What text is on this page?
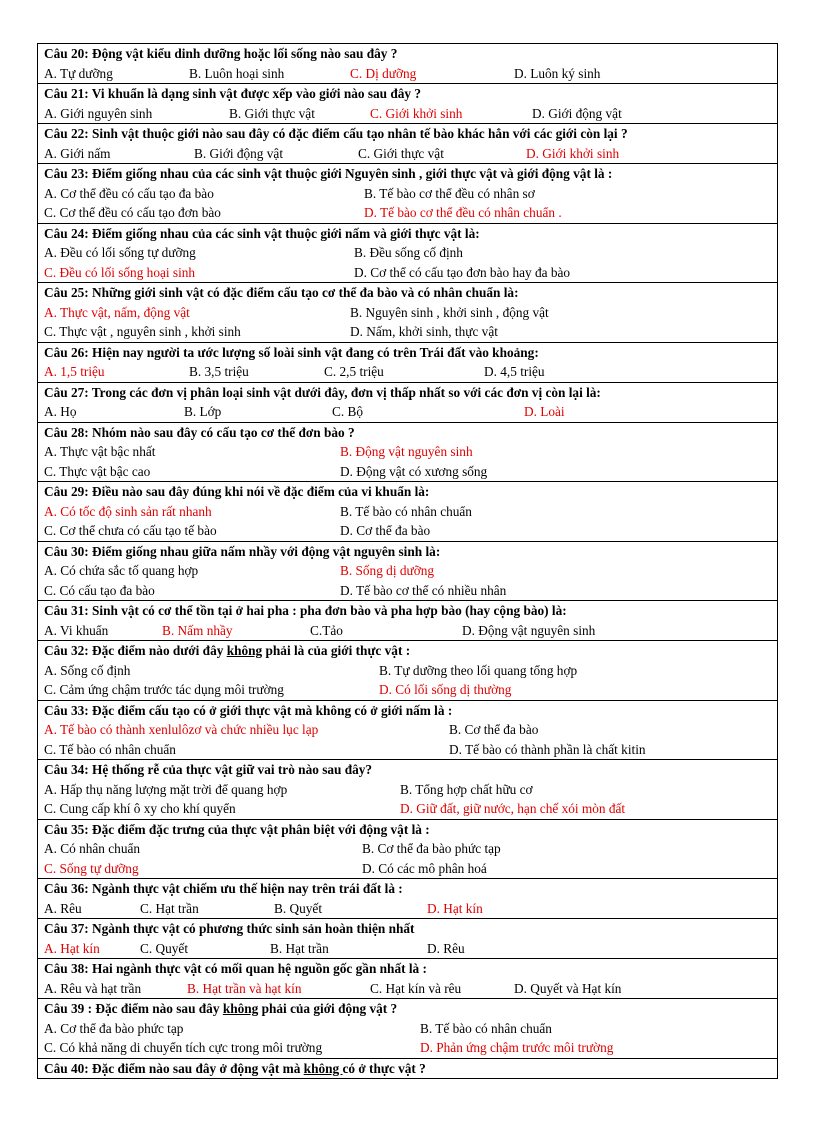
Câu 20: Động vật kiểu dinh dưỡng hoặc lối sống nào sau đây ?
A. Tự dưỡng	B. Luôn hoại sinh	C. Dị dưỡng	D. Luôn ký sinh
Câu 21: Vi khuẩn là dạng sinh vật được xếp vào giới nào sau đây ?
A. Giới nguyên sinh	B. Giới thực vật	C. Giới khởi sinh	D. Giới động vật
Câu 22: Sinh vật thuộc giới nào sau đây có đặc điểm cấu tạo nhân tế bào khác hẳn với các giới còn lại ?
A. Giới nấm	B. Giới động vật	C. Giới thực vật	D. Giới khởi sinh
Câu 23: Điểm giống nhau của các sinh vật thuộc giới Nguyên sinh , giới thực vật và giới động vật là :
A. Cơ thể đều có cấu tạo đa bào	B. Tế bào cơ thể đều có nhân sơ
C. Cơ thể đều có cấu tạo đơn bào	D. Tế bào cơ thể đều có nhân chuẩn .
Câu 24: Điểm giống nhau của các sinh vật thuộc giới nấm và giới thực vật là:
A. Đều có lối sống tự dưỡng	B. Đều sống cố định
C. Đều có lối sống hoại sinh	D. Cơ thể có cấu tạo đơn bào hay đa bào
Câu 25: Những giới sinh vật có đặc điểm cấu tạo cơ thể đa bào và có nhân chuẩn là:
A. Thực vật, nấm, động vật	B. Nguyên sinh , khởi sinh , động vật
C. Thực vật , nguyên sinh , khởi sinh	D. Nấm, khởi sinh, thực vật
Câu 26: Hiện nay người ta ước lượng số loài sinh vật đang có trên Trái đất vào khoảng:
A. 1,5 triệu	B. 3,5 triệu	C. 2,5 triệu	D. 4,5 triệu
Câu 27: Trong các đơn vị phân loại sinh vật dưới đây, đơn vị thấp nhất so với các đơn vị còn lại là:
A. Họ	B. Lớp	C. Bộ	D. Loài
Câu 28: Nhóm nào sau đây có cấu tạo cơ thể đơn bào ?
A. Thực vật bậc nhất	B. Động vật nguyên sinh
C. Thực vật bậc cao	D. Động vật có xương sống
Câu 29: Điều nào sau đây đúng khi nói về đặc điểm của vi khuẩn là:
A. Có tốc độ sinh sản rất nhanh	B. Tế bào có nhân chuẩn
C. Cơ thể chưa có cấu tạo tế bào	D. Cơ thể đa bào
Câu 30: Điểm giống nhau giữa nấm nhầy với động vật nguyên sinh là:
A. Có chứa sắc tố quang hợp	B. Sống dị dưỡng
C. Có cấu tạo đa bào	D. Tế bào cơ thể có nhiều nhân
Câu 31: Sinh vật có cơ thể tồn tại ở hai pha : pha đơn bào và pha hợp bào (hay cộng bào) là:
A. Vi khuẩn	B. Nấm nhầy	C.Tảo	D. Động vật nguyên sinh
Câu 32: Đặc điểm nào dưới đây không phải là của giới thực vật :
A. Sống cố định	B. Tự dưỡng theo lối quang tổng hợp
C. Cảm ứng chậm trước tác dụng môi trường	D. Có lối sống dị thường
Câu 33: Đặc điểm cấu tạo có ở giới thực vật mà không có ở giới nấm là :
A. Tế bào có thành xenlulôzơ và chức nhiều lục lạp	B. Cơ thể đa bào
C. Tế bào có nhân chuẩn	D. Tế bào có thành phần là chất kitin
Câu 34: Hệ thống rễ của thực vật giữ vai trò nào sau đây?
A. Hấp thụ năng lượng mặt trời để quang hợp	B. Tổng hợp chất hữu cơ
C. Cung cấp khí ô xy cho khí quyển	D. Giữ đất, giữ nước, hạn chế xói mòn đất
Câu 35: Đặc điểm đặc trưng của thực vật phân biệt với động vật là :
A. Có nhân chuẩn	B. Cơ thể đa bào phức tạp
C. Sống tự dưỡng	D. Có các mô phân hoá
Câu 36: Ngành thực vật chiếm ưu thế hiện nay trên trái đất là :
A. Rêu	C. Hạt trần	B. Quyết	D. Hạt kín
Câu 37: Ngành thực vật có phương thức sinh sản hoàn thiện nhất
A. Hạt kín	C. Quyết	B. Hạt trần	D. Rêu
Câu 38: Hai ngành thực vật có mối quan hệ nguồn gốc gần nhất là :
A. Rêu và hạt trần	B. Hạt trần và hạt kín	C. Hạt kín và rêu	D. Quyết và Hạt kín
Câu 39 : Đặc điểm nào sau đây không phải của giới động vật ?
A. Cơ thể đa bào phức tạp	B. Tế bào có nhân chuẩn
C. Có khả năng di chuyển tích cực trong môi trường	D. Phản ứng chậm trước môi trường
Câu 40: Đặc điểm nào sau đây ở động vật mà không có ở thực vật ?
